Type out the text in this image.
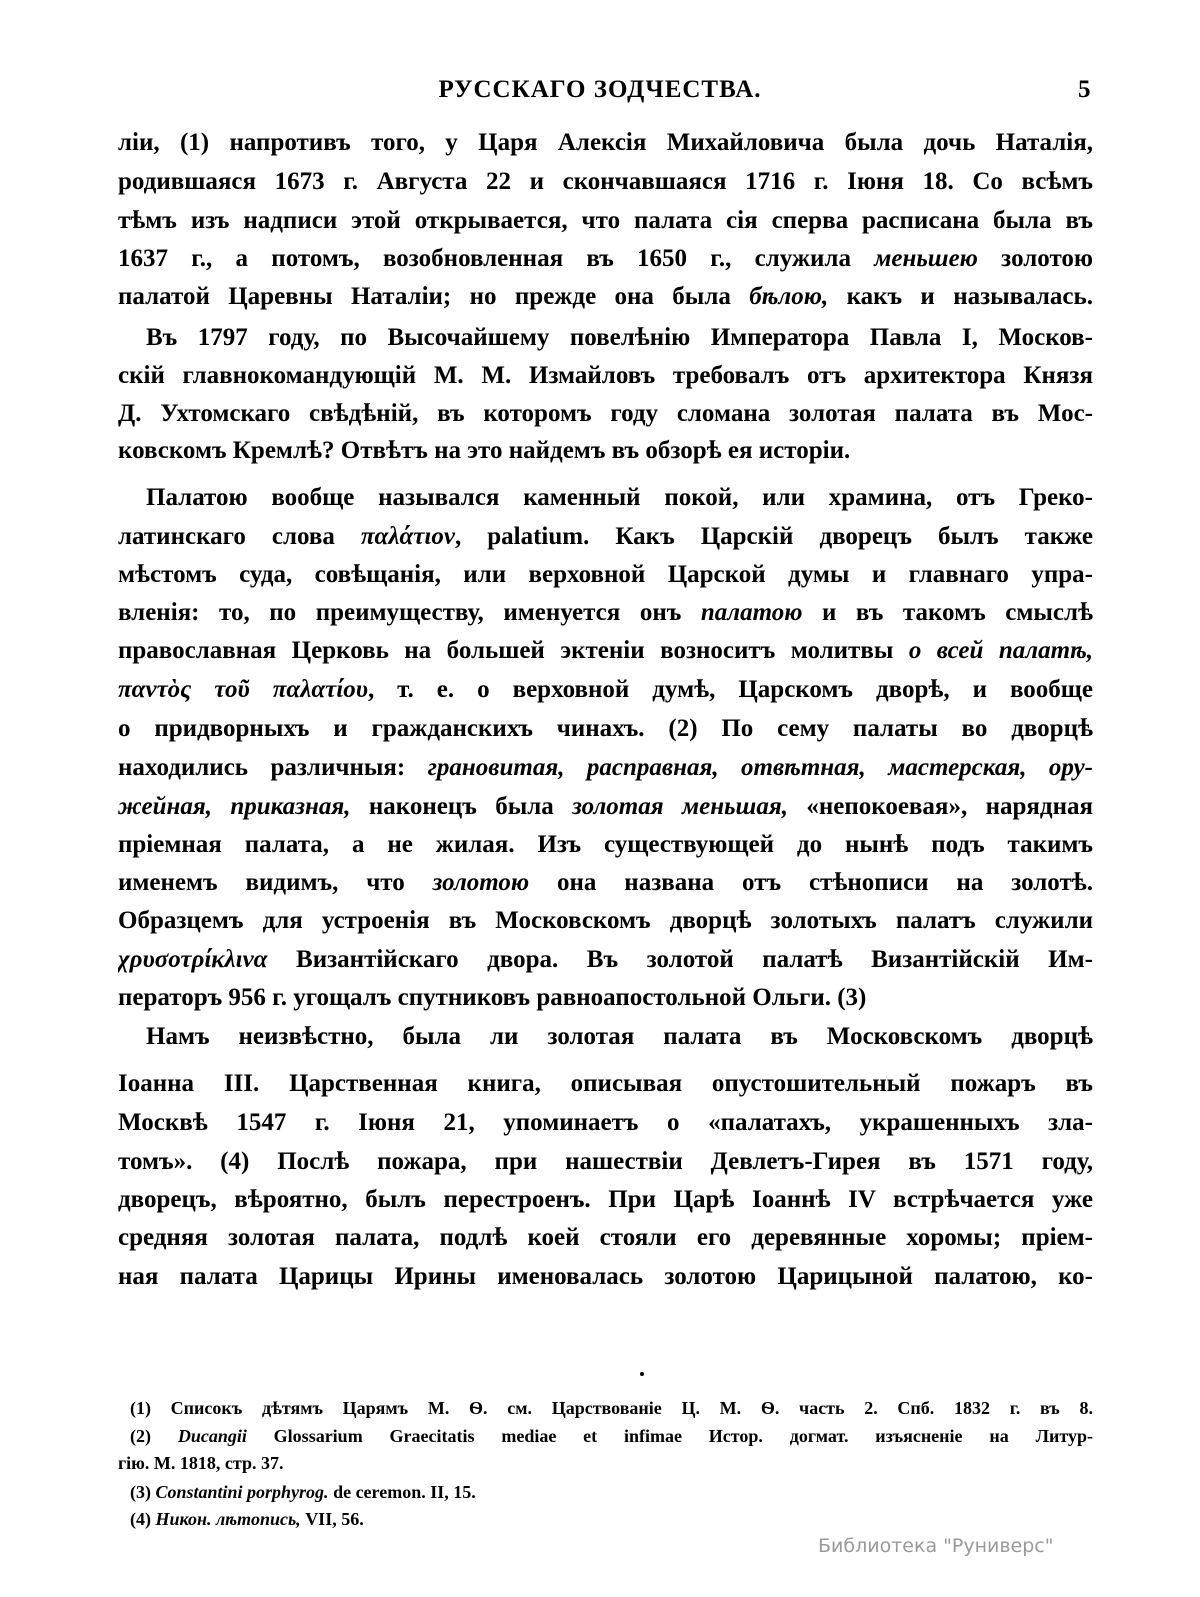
РУССКАГО ЗОДЧЕСТВА.	5
ліи, (1) напротивъ того, у Царя Алексія Михайловича была дочь Наталія,
родившаяся 1673 г. Августа 22 и скончавшаяся 1716 г. Іюня 18. Со всѣмъ
тѣмъ изъ надписи этой открывается, что палата сія сперва расписана была въ
1637 г., а потомъ, возобновленная въ 1650 г., служила меньшею золотою
палатой Царевны Наталіи; но прежде она была бѣлою, какъ и называлась.
Въ 1797 году, по Высочайшему повелѣнію Императора Павла I, Москов-
скій главнокомандующій М. М. Измайловъ требовалъ отъ архитектора Князя
Д. Ухтомскаго свѣдѣній, въ которомъ году сломана золотая палата въ Мос-
ковскомъ Кремлѣ? Отвѣтъ на это найдемъ въ обзорѣ ея исторіи.
Палатою вообще назывался каменный покой, или храмина, отъ Греко-
латинскаго слова παλάτιον, palatium. Какъ Царскій дворецъ былъ также
мѣстомъ суда, совѣщанія, или верховной Царской думы и главнаго упра-
вленія: то, по преимуществу, именуется онъ палатою и въ такомъ смыслѣ
православная Церковь на большей эктеніи возноситъ молитвы о всей палатѣ,
παντὸς τοῦ παλατίου, т. е. о верховной думѣ, Царскомъ дворѣ, и вообще
о придворныхъ и гражданскихъ чинахъ. (2) По сему палаты во дворцѣ
находились различныя: грановитая, расправная, отвѣтная, мастерская, ору-
жейная, приказная, наконецъ была золотая меньшая, «непокоевая», нарядная
пріемная палата, а не жилая. Изъ существующей до нынѣ подъ такимъ
именемъ видимъ, что золотою она названа отъ стѣнописи на золотѣ.
Образцемъ для устроенія въ Московскомъ дворцѣ золотыхъ палатъ служили
χρυσοτρίκλινα Византійскаго двора. Въ золотой палатѣ Византійскій Им-
ператоръ 956 г. угощалъ спутниковъ равноапостольной Ольги. (3)
Намъ неизвѣстно, была ли золотая палата въ Московскомъ дворцѣ
Іоанна III. Царственная книга, описывая опустошительный пожаръ въ
Москвѣ 1547 г. Іюня 21, упоминаетъ о «палатахъ, украшенныхъ зла-
томъ». (4) Послѣ пожара, при нашествіи Девлетъ-Гирея въ 1571 году,
дворецъ, вѣроятно, былъ перестроенъ. При Царѣ Іоаннѣ IV встрѣчается уже
средняя золотая палата, подлѣ коей стояли его деревянные хоромы; пріем-
ная палата Царицы Ирины именовалась золотою Царицыной палатою, ко-
(1) Списокъ дѣтямъ Царямъ М. Ѳ. см. Царствованіе Ц. М. Ѳ. часть 2. Спб. 1832 г. въ 8.
(2) Ducangii Glossarium Graecitatis mediae et infimae Истор. догмат. изъясненіе на Литур-
гію. М. 1818, стр. 37.
(3) Constantini porphyrog. de ceremon. II, 15.
(4) Никон. лѣтопись, VII, 56.
Библиотека "Руниверс"
